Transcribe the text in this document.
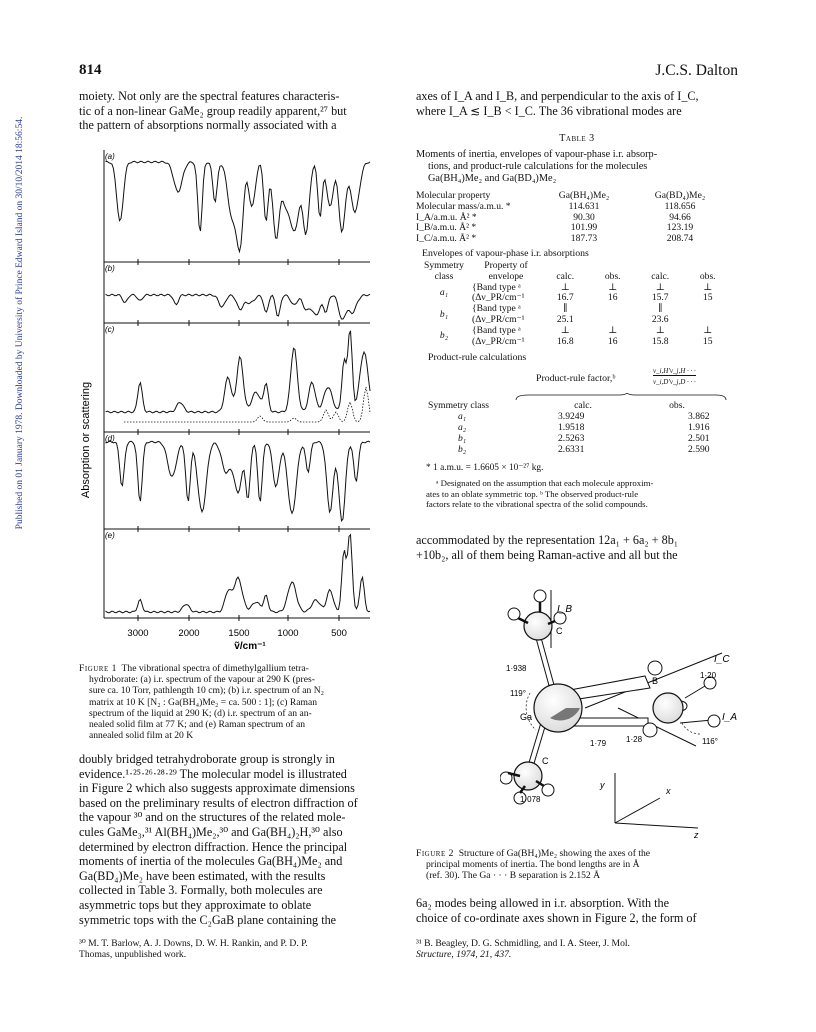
Published on 01 January 1978. Downloaded by University of Prince Edward Island on 30/10/2014 18:56:54.
814	J.C.S. Dalton
moiety. Not only are the spectral features characteris-
tic of a non-linear GaMe₂ group readily apparent,²⁷ but
the pattern of absorptions normally associated with a
Absorption or scattering
(a)
(b)
(c)
(d)
(e)
3000	2000	1500	1000	500
ṽ/cm⁻¹
Figure 1 The vibrational spectra of dimethylgallium tetra-
hydroborate: (a) i.r. spectrum of the vapour at 290 K (pres-
sure ca. 10 Torr, pathlength 10 cm); (b) i.r. spectrum of an N₂
matrix at 10 K [N₂ : Ga(BH₄)Me₂ = ca. 500 : 1]; (c) Raman
spectrum of the liquid at 290 K; (d) i.r. spectrum of an an-
nealed solid film at 77 K; and (e) Raman spectrum of an
annealed solid film at 20 K
doubly bridged tetrahydroborate group is strongly in
evidence.¹·²⁵·²⁶·²⁸·²⁹ The molecular model is illustrated
in Figure 2 which also suggests approximate dimensions
based on the preliminary results of electron diffraction of
the vapour ³⁰ and on the structures of the related mole-
cules GaMe₃,³¹ Al(BH₄)Me₂,³⁰ and Ga(BH₄)₂H,³⁰ also
determined by electron diffraction. Hence the principal
moments of inertia of the molecules Ga(BH₄)Me₂ and
Ga(BD₄)Me₂ have been estimated, with the results
collected in Table 3. Formally, both molecules are
asymmetric tops but they approximate to oblate
symmetric tops with the C₂GaB plane containing the
³⁰ M. T. Barlow, A. J. Downs, D. W. H. Rankin, and P. D. P.
Thomas, unpublished work.
axes of I_A and I_B, and perpendicular to the axis of I_C,
where I_A ≲ I_B < I_C. The 36 vibrational modes are
Table 3
Moments of inertia, envelopes of vapour-phase i.r. absorp-
tions, and product-rule calculations for the molecules
Ga(BH₄)Me₂ and Ga(BD₄)Me₂
Molecular property	Ga(BH₄)Me₂	Ga(BD₄)Me₂
Molecular mass/a.m.u. *	114.631	118.656
I_A/a.m.u. Å² *	90.30	94.66
I_B/a.m.u. Å² *	101.99	123.19
I_C/a.m.u. Å² *	187.73	208.74
Envelopes of vapour-phase i.r. absorptions
Symmetry	Property of				
class	envelope	calc.	obs.	calc.	obs.
a₁	{Band type ᵃ	⊥	⊥	⊥	⊥
	(Δν_PR/cm⁻¹	16.7	16	15.7	15
b₁	{Band type ᵃ	∥		∥	
	(Δν_PR/cm⁻¹	25.1		23.6	
b₂	{Band type ᵃ	⊥	⊥	⊥	⊥
	(Δν_PR/cm⁻¹	16.8	16	15.8	15
Product-rule calculations
Product-rule factor,ᵇ
ν_i,H′ν_j,H · · ·
ν_i,D′ν_j,D · · ·
Symmetry class	calc.	obs.
a₁	3.9249	3.862
a₂	1.9518	1.916
b₁	2.5263	2.501
b₂	2.6331	2.590
* 1 a.m.u. = 1.6605 × 10⁻²⁷ kg.
ᵃ Designated on the assumption that each molecule approxim-
ates to an oblate symmetric top. ᵇ The observed product-rule
factors relate to the vibrational spectra of the solid compounds.
accommodated by the representation 12a₁ + 6a₂ + 8b₁
+10b₂, all of them being Raman-active and all but the
I_B
I_C
I_A
C
C
Ga
B
1·938
1·078
1·79 1·28
1·20
119°
116°
y
x
z
Figure 2 Structure of Ga(BH₄)Me₂ showing the axes of the
principal moments of inertia. The bond lengths are in Å
(ref. 30). The Ga · · · B separation is 2.152 Å
6a₂ modes being allowed in i.r. absorption. With the
choice of co-ordinate axes shown in Figure 2, the form of
³¹ B. Beagley, D. G. Schmidling, and I. A. Steer, J. Mol.
Structure, 1974, 21, 437.
